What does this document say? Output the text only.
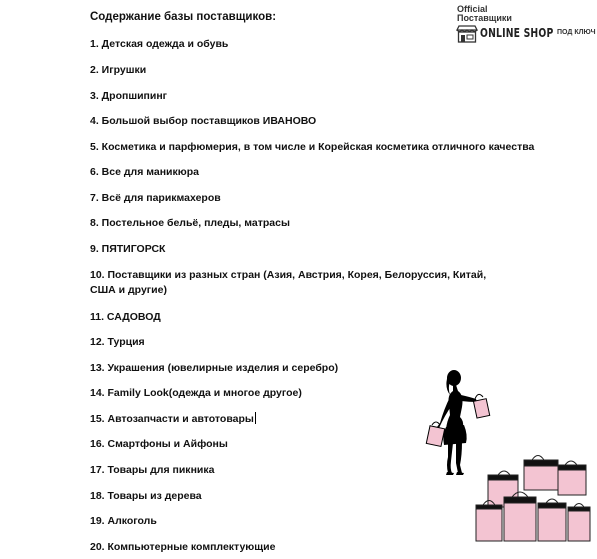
Содержание базы поставщиков:
1. Детская одежда и обувь
2. Игрушки
3. Дропшипинг
4. Большой выбор поставщиков ИВАНОВО
5. Косметика и парфюмерия, в том числе и Корейская косметика отличного качества
6. Все для маникюра
7. Всё для парикмахеров
8. Постельное бельё, пледы, матрасы
9. ПЯТИГОРСК
10. Поставщики из разных стран (Азия, Австрия, Корея, Белоруссия, Китай, США и другие)
11. САДОВОД
12. Турция
13. Украшения (ювелирные изделия и серебро)
14. Family Look(одежда и многое другое)
15. Автозапчасти и автотовары
16. Смартфоны и Айфоны
17. Товары для пикника
18. Товары из дерева
19. Алкоголь
20. Компьютерные комплектующие
Official
Поставщики
ONLINE SHOP ПОД КЛЮЧ
